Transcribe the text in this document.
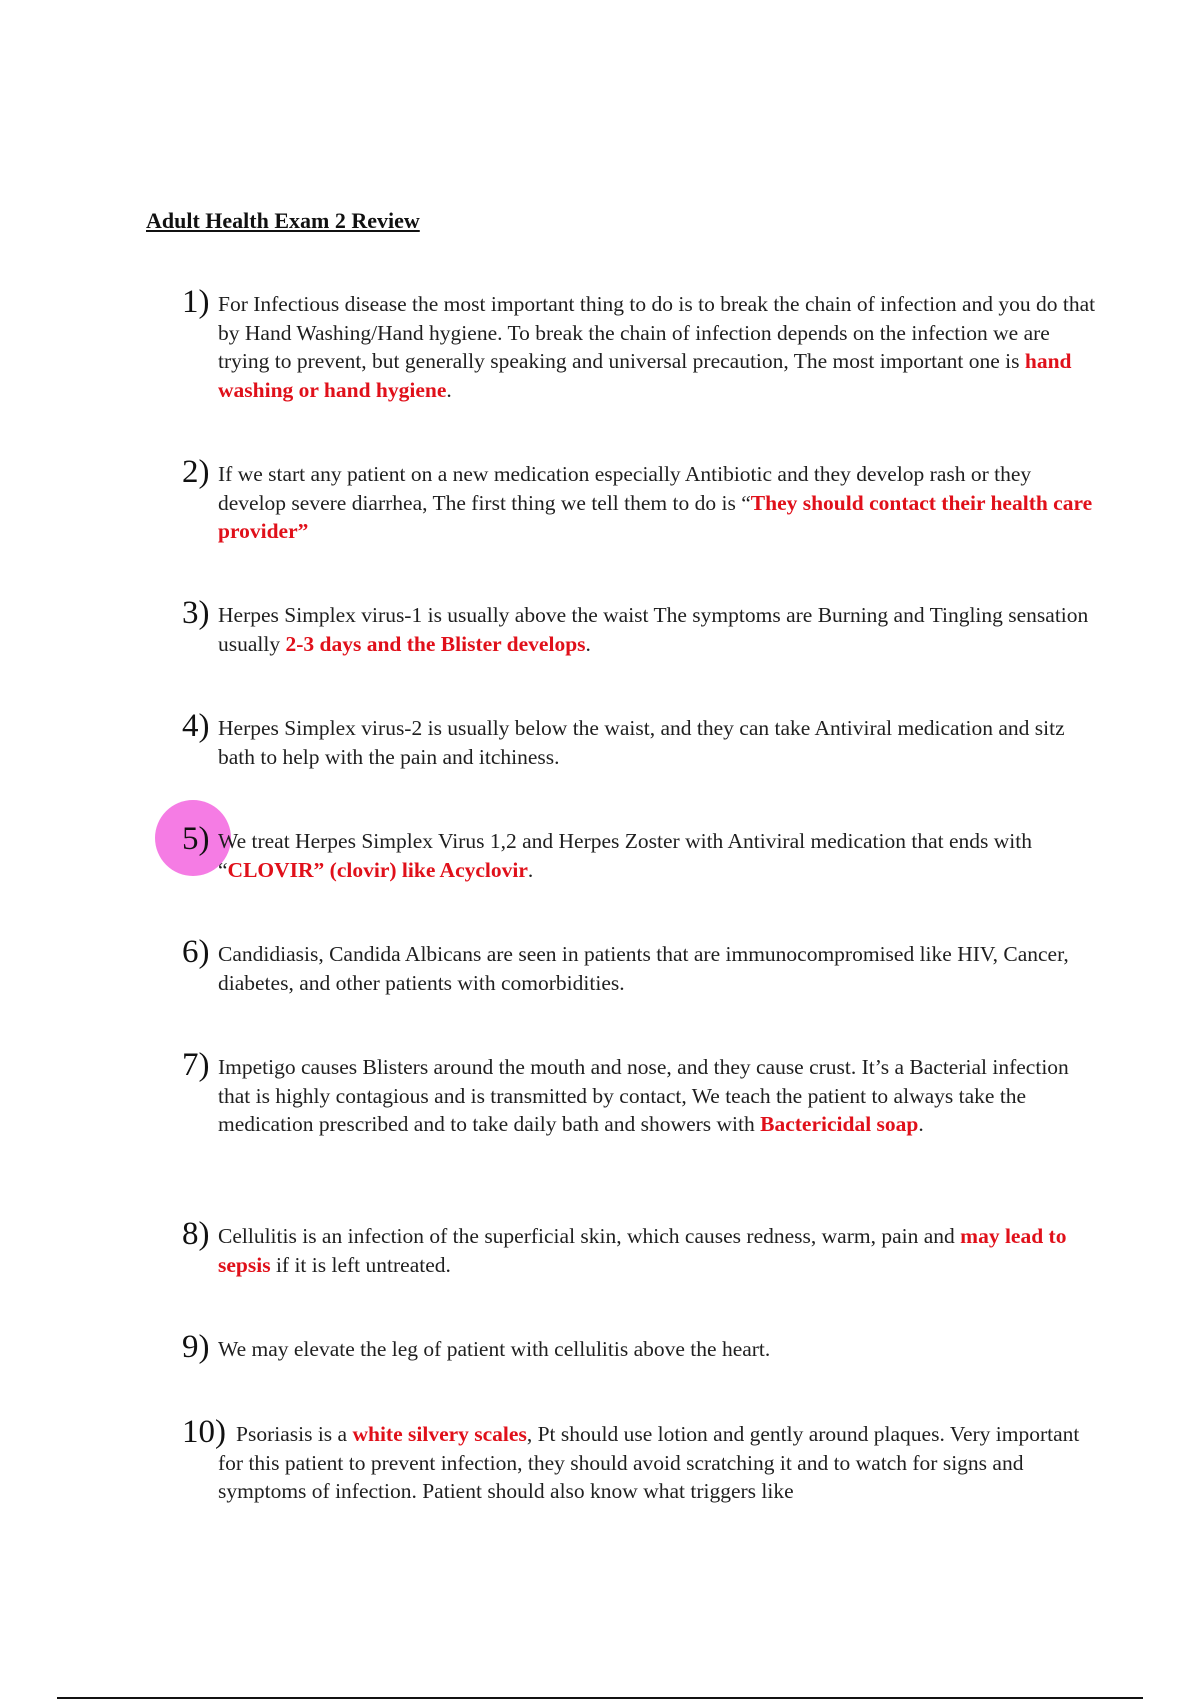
Adult Health Exam 2 Review
1) For Infectious disease the most important thing to do is to break the chain of infection and you do that by Hand Washing/Hand hygiene. To break the chain of infection depends on the infection we are trying to prevent, but generally speaking and universal precaution, The most important one is hand washing or hand hygiene.
2) If we start any patient on a new medication especially Antibiotic and they develop rash or they develop severe diarrhea, The first thing we tell them to do is “They should contact their health care provider”
3) Herpes Simplex virus-1 is usually above the waist The symptoms are Burning and Tingling sensation usually 2-3 days and the Blister develops.
4) Herpes Simplex virus-2 is usually below the waist, and they can take Antiviral medication and sitz bath to help with the pain and itchiness.
5) We treat Herpes Simplex Virus 1,2 and Herpes Zoster with Antiviral medication that ends with “CLOVIR” (clovir) like Acyclovir.
6) Candidiasis, Candida Albicans are seen in patients that are immunocompromised like HIV, Cancer, diabetes, and other patients with comorbidities.
7) Impetigo causes Blisters around the mouth and nose, and they cause crust. It’s a Bacterial infection that is highly contagious and is transmitted by contact, We teach the patient to always take the medication prescribed and to take daily bath and showers with Bactericidal soap.
8) Cellulitis is an infection of the superficial skin, which causes redness, warm, pain and may lead to sepsis if it is left untreated.
9) We may elevate the leg of patient with cellulitis above the heart.
10) Psoriasis is a white silvery scales, Pt should use lotion and gently around plaques. Very important for this patient to prevent infection, they should avoid scratching it and to watch for signs and symptoms of infection. Patient should also know what triggers like
